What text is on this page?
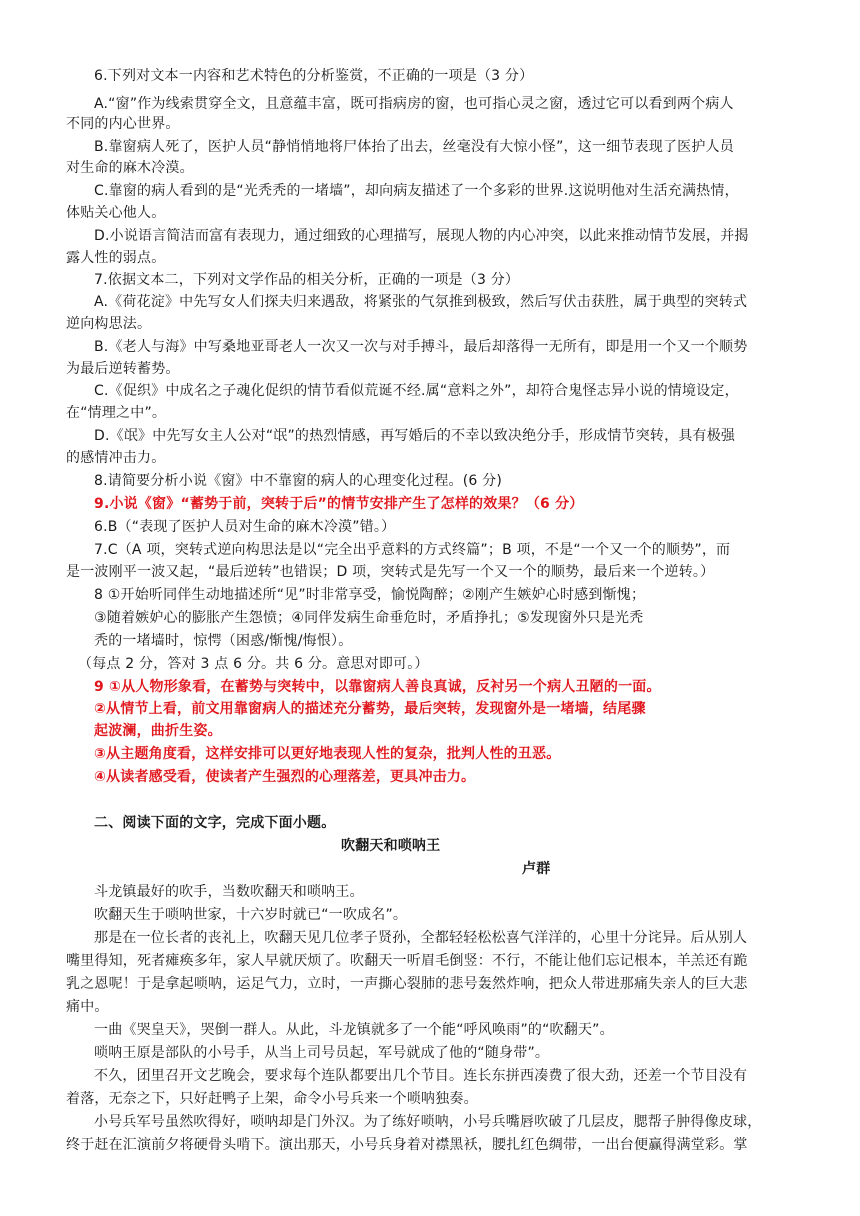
6.下列对文本一内容和艺术特色的分析鉴赏，不正确的一项是（3 分）
A.“窗”作为线索贯穿全文，且意蕴丰富，既可指病房的窗，也可指心灵之窗，透过它可以看到两个病人
不同的内心世界。
B.靠窗病人死了，医护人员“静悄悄地将尸体抬了出去，丝毫没有大惊小怪”，这一细节表现了医护人员
对生命的麻木冷漠。
C.靠窗的病人看到的是“光秃秃的一堵墙”，却向病友描述了一个多彩的世界.这说明他对生活充满热情，
体贴关心他人。
D.小说语言简洁而富有表现力，通过细致的心理描写，展现人物的内心冲突，以此来推动情节发展，并揭
露人性的弱点。
7.依据文本二，下列对文学作品的相关分析，正确的一项是（3 分）
A.《荷花淀》中先写女人们探夫归来遇敌，将紧张的气氛推到极致，然后写伏击获胜，属于典型的突转式
逆向构思法。
B.《老人与海》中写桑地亚哥老人一次又一次与对手搏斗，最后却落得一无所有，即是用一个又一个顺势
为最后逆转蓄势。
C.《促织》中成名之子魂化促织的情节看似荒诞不经.属“意料之外”，却符合鬼怪志异小说的情境设定，
在“情理之中”。
D.《氓》中先写女主人公对“氓”的热烈情感，再写婚后的不幸以致决绝分手，形成情节突转，具有极强
的感情冲击力。
8.请简要分析小说《窗》中不靠窗的病人的心理变化过程。(6 分)
9.小说《窗》“蓄势于前，突转于后”的情节安排产生了怎样的效果？（6 分）
6.B（“表现了医护人员对生命的麻木冷漠”错。）
7.C（A 项，突转式逆向构思法是以“完全出乎意料的方式终篇”；B 项，不是“一个又一个的顺势”，而
是一波刚平一波又起，“最后逆转”也错误；D 项，突转式是先写一个又一个的顺势，最后来一个逆转。）
8 ①开始听同伴生动地描述所“见”时非常享受，愉悦陶醉；②刚产生嫉妒心时感到惭愧；
③随着嫉妒心的膨胀产生怨愤；④同伴发病生命垂危时，矛盾挣扎；⑤发现窗外只是光秃
秃的一堵墙时，惊愕（困惑/惭愧/悔恨）。
（每点 2 分，答对 3 点 6 分。共 6 分。意思对即可。）
9 ①从人物形象看，在蓄势与突转中，以靠窗病人善良真诚，反衬另一个病人丑陋的一面。
②从情节上看，前文用靠窗病人的描述充分蓄势，最后突转，发现窗外是一堵墙，结尾骤
起波澜，曲折生姿。
③从主题角度看，这样安排可以更好地表现人性的复杂，批判人性的丑恶。
④从读者感受看，使读者产生强烈的心理落差，更具冲击力。
二、阅读下面的文字，完成下面小题。
吹翻天和唢呐王
卢群
斗龙镇最好的吹手，当数吹翻天和唢呐王。
吹翻天生于唢呐世家，十六岁时就已“一吹成名”。
那是在一位长者的丧礼上，吹翻天见几位孝子贤孙，全都轻轻松松喜气洋洋的，心里十分诧异。后从别人
嘴里得知，死者瘫痪多年，家人早就厌烦了。吹翻天一听眉毛倒竖：不行，不能让他们忘记根本，羊羔还有跪
乳之恩呢！于是拿起唢呐，运足气力，立时，一声撕心裂肺的悲号轰然炸响，把众人带进那痛失亲人的巨大悲
痛中。
一曲《哭皇天》，哭倒一群人。从此，斗龙镇就多了一个能“呼风唤雨”的“吹翻天”。
唢呐王原是部队的小号手，从当上司号员起，军号就成了他的“随身带”。
不久，团里召开文艺晚会，要求每个连队都要出几个节目。连长东拼西凑费了很大劲，还差一个节目没有
着落，无奈之下，只好赶鸭子上架，命令小号兵来一个唢呐独奏。
小号兵军号虽然吹得好，唢呐却是门外汉。为了练好唢呐，小号兵嘴唇吹破了几层皮，腮帮子肿得像皮球，
终于赶在汇演前夕将硬骨头啃下。演出那天，小号兵身着对襟黑袄，腰扎红色绸带，一出台便赢得满堂彩。掌
